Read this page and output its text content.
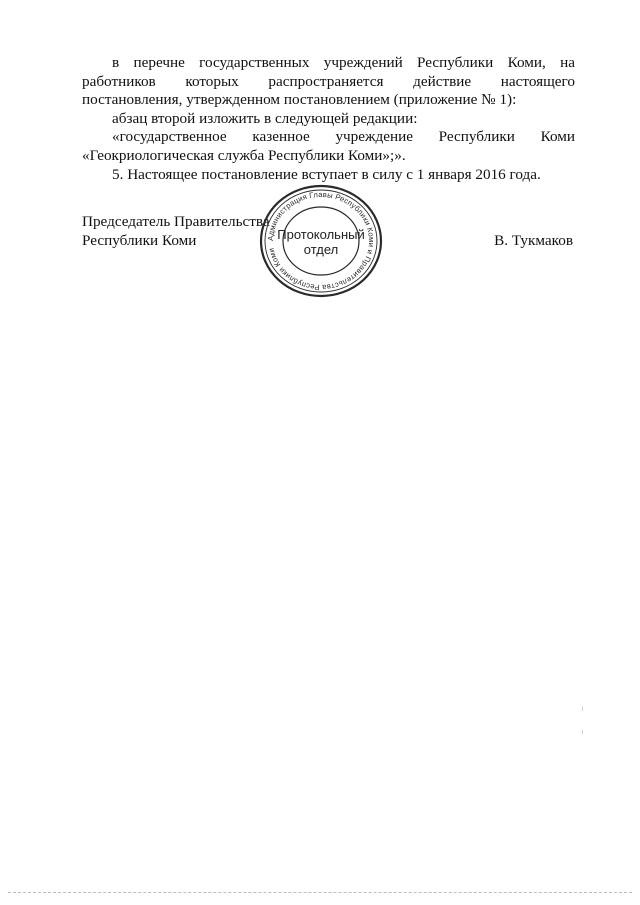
в перечне государственных учреждений Республики Коми, на работников которых распространяется действие настоящего постановления, утвержденном постановлением (приложение № 1):

абзац второй изложить в следующей редакции:

«государственное казенное учреждение Республики Коми «Геокриологическая служба Республики Коми»;».

5. Настоящее постановление вступает в силу с 1 января 2016 года.

Председатель Правительства
Республики Коми	В. Тукмаков
Администрация Главы Республики Коми и Правительства Республики Коми
Протокольный
отдел
